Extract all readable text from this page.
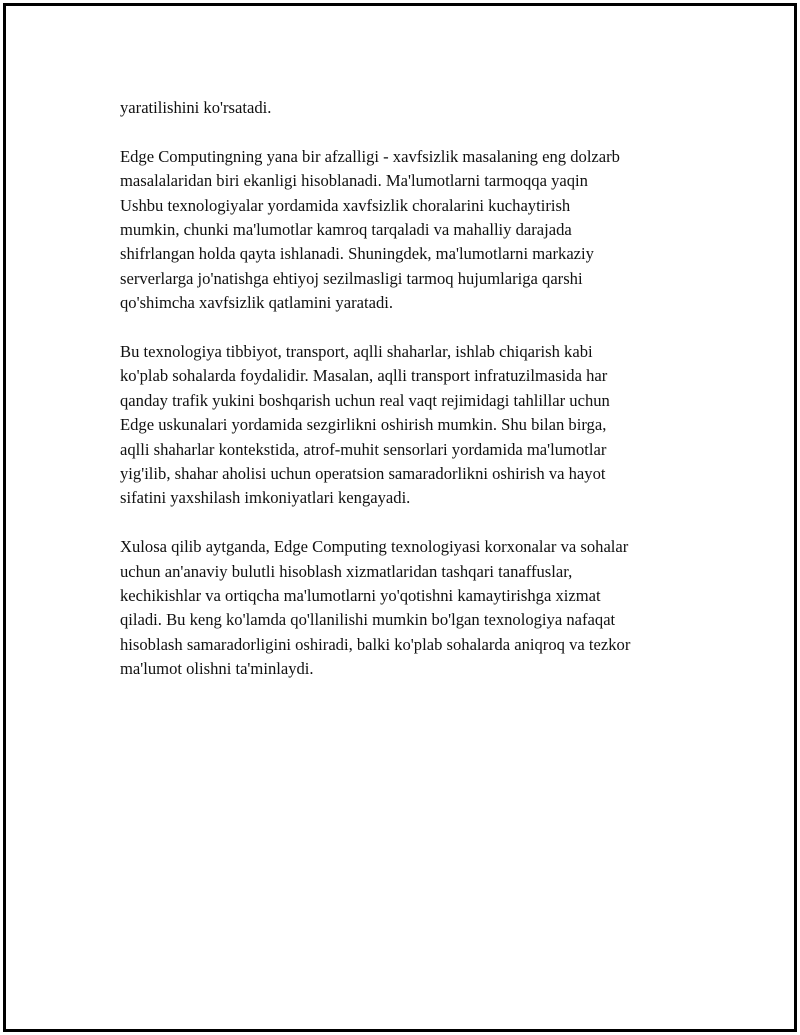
yaratilishini ko'rsatadi.

Edge Computingning yana bir afzalligi - xavfsizlik masalaning eng dolzarb
masalalaridan biri ekanligi hisoblanadi. Ma'lumotlarni tarmoqqa yaqin
Ushbu texnologiyalar yordamida xavfsizlik choralarini kuchaytirish
mumkin, chunki ma'lumotlar kamroq tarqaladi va mahalliy darajada
shifrlangan holda qayta ishlanadi. Shuningdek, ma'lumotlarni markaziy
serverlarga jo'natishga ehtiyoj sezilmasligi tarmoq hujumlariga qarshi
qo'shimcha xavfsizlik qatlamini yaratadi.

Bu texnologiya tibbiyot, transport, aqlli shaharlar, ishlab chiqarish kabi
ko'plab sohalarda foydalidir. Masalan, aqlli transport infratuzilmasida har
qanday trafik yukini boshqarish uchun real vaqt rejimidagi tahlillar uchun
Edge uskunalari yordamida sezgirlikni oshirish mumkin. Shu bilan birga,
aqlli shaharlar kontekstida, atrof-muhit sensorlari yordamida ma'lumotlar
yig'ilib, shahar aholisi uchun operatsion samaradorlikni oshirish va hayot
sifatini yaxshilash imkoniyatlari kengayadi.

Xulosa qilib aytganda, Edge Computing texnologiyasi korxonalar va sohalar
uchun an'anaviy bulutli hisoblash xizmatlaridan tashqari tanaffuslar,
kechikishlar va ortiqcha ma'lumotlarni yo'qotishni kamaytirishga xizmat
qiladi. Bu keng ko'lamda qo'llanilishi mumkin bo'lgan texnologiya nafaqat
hisoblash samaradorligini oshiradi, balki ko'plab sohalarda aniqroq va tezkor
ma'lumot olishni ta'minlaydi.
